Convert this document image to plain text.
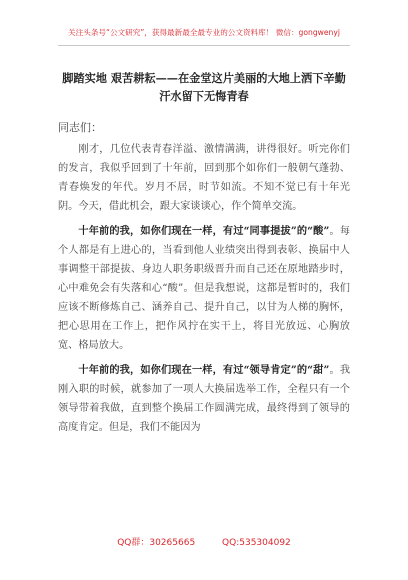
关注头条号“公文研究”，获得最新最全最专业的公文资料库！ 微信：gongwenyj
脚踏实地 艰苦耕耘——在金堂这片美丽的大地上洒下辛勤
汗水留下无悔青春
同志们：

刚才，几位代表青春洋溢、激情满满，讲得很好。听完你们的发言，我似乎回到了十年前，回到那个如你们一般朝气蓬勃、青春焕发的年代。岁月不居，时节如流。不知不觉已有十年光阴。今天，借此机会，跟大家谈谈心，作个简单交流。

十年前的我，如你们现在一样，有过“同事提拔”的“酸”。每个人都是有上进心的，当看到他人业绩突出得到表彰、换届中人事调整干部提拔、身边人职务职级晋升而自己还在原地踏步时，心中难免会有失落和心“酸”。但是我想说，这都是暂时的，我们应该不断修炼自己、涵养自己、提升自己，以甘为人梯的胸怀，把心思用在工作上，把作风拧在实干上，将目光放远、心胸放宽、格局放大。

十年前的我，如你们现在一样，有过“领导肯定”的“甜”。我刚入职的时候，就参加了一项人大换届选举工作，全程只有一个领导带着我做，直到整个换届工作圆满完成，最终得到了领导的高度肯定。但是，我们不能因为

QQ群：30265665	QQ:535304092
